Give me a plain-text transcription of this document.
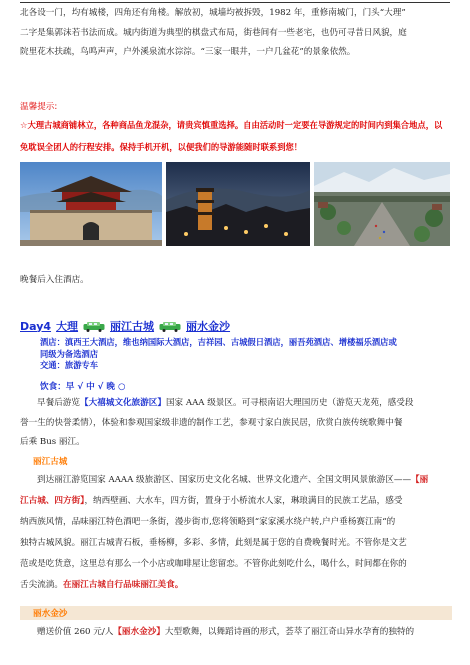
北各设一门，均有城楼，四角还有角楼。解放初，城墙均被拆毁，1982 年，重修南城门，门头“大理”
二字是集郭沫若书法而成。城内街道为典型的棋盘式布局，街巷间有一些老宅，也仍可寻昔日风貌，庭
院里花木扶疏，鸟鸣声声，户外溪泉流水淙淙。“三家一眼井，一户几盆花”的景象依然。
温馨提示:
☆大理古城商铺林立，各种商品鱼龙混杂，请贵宾慎重选择。自由活动时一定要在导游规定的时间内到集合地点，以
免耽误全团人的行程安排。保持手机开机，以便我们的导游能随时联系到您！
晚餐后入住酒店。
Day4 大理	丽江古城	丽水金沙
酒店：滇西王大酒店，维也纳国际大酒店，吉祥园、古城假日酒店，丽吾苑酒店、增楼福乐酒店或
同级为备选酒店
交通：旅游专车
饮食：早 √ 中 √ 晚 ○
早餐后游览【大禧城文化旅游区】国家 AAA 级景区。可寻根南诏大理国历史（游览天龙苑，感受段
誉一生的快誉柔情），体验和参观国家级非遗的制作工艺，参观寸家白族民居，欣赏白族传统歌舞中餐
后乘 Bus 丽江。
丽江古城
到达丽江游览国家 AAAA 级旅游区、国家历史文化名城、世界文化遗产、全国文明风景旅游区——【丽
江古城、四方街】，纳西壁画、大水车，四方街，置身于小桥流水人家，琳琅满目的民族工艺品，感受
纳西族风情，品味丽江特色酒吧一条街，漫步街市,您将领略到“家家溪水绕户转,户户垂杨赛江南“的
独特古城风貌。丽江古城青石板，垂杨柳，多彩、多情，此刻是属于您的自费晚餐时光。不管你是文艺
范或是吃货意，这里总有那么一个小店或咖啡屋让您留恋。不管你此刻吃什么，喝什么，时间都在你的
舌尖流淌。在丽江古城自行品味丽江美食。
丽水金沙
赠送价值 260 元/人【丽水金沙】大型歌舞，以舞蹈诗画的形式，荟萃了丽江奇山异水孕育的独特的
